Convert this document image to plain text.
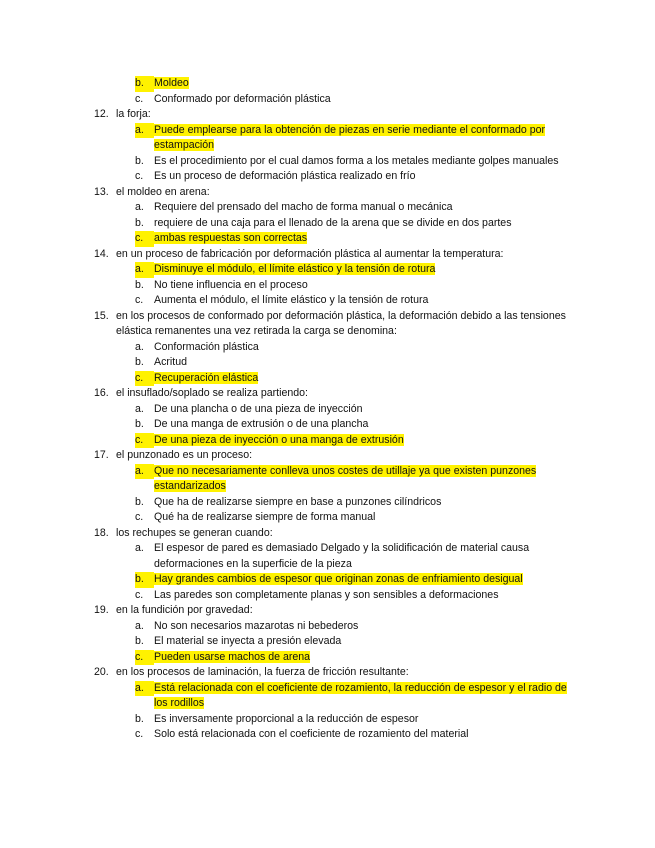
b. Moldeo
c. Conformado por deformación plástica
12. la forja:
a. Puede emplearse para la obtención de piezas en serie mediante el conformado por
estampación
b. Es el procedimiento por el cual damos forma a los metales mediante golpes manuales
c. Es un proceso de deformación plástica realizado en frío
13. el moldeo en arena:
a. Requiere del prensado del macho de forma manual o mecánica
b. requiere de una caja para el llenado de la arena que se divide en dos partes
c. ambas respuestas son correctas
14. en un proceso de fabricación por deformación plástica al aumentar la temperatura:
a. Disminuye el módulo, el límite elástico y la tensión de rotura
b. No tiene influencia en el proceso
c. Aumenta el módulo, el límite elástico y la tensión de rotura
15. en los procesos de conformado por deformación plástica, la deformación debido a las tensiones
elástica remanentes una vez retirada la carga se denomina:
a. Conformación plástica
b. Acritud
c. Recuperación elástica
16. el insuflado/soplado se realiza partiendo:
a. De una plancha o de una pieza de inyección
b. De una manga de extrusión o de una plancha
c. De una pieza de inyección o una manga de extrusión
17. el punzonado es un proceso:
a. Que no necesariamente conlleva unos costes de utillaje ya que existen punzones
estandarizados
b. Que ha de realizarse siempre en base a punzones cilíndricos
c. Qué ha de realizarse siempre de forma manual
18. los rechupes se generan cuando:
a. El espesor de pared es demasiado Delgado y la solidificación de material causa
deformaciones en la superficie de la pieza
b. Hay grandes cambios de espesor que originan zonas de enfriamiento desigual
c. Las paredes son completamente planas y son sensibles a deformaciones
19. en la fundición por gravedad:
a. No son necesarios mazarotas ni bebederos
b. El material se inyecta a presión elevada
c. Pueden usarse machos de arena
20. en los procesos de laminación, la fuerza de fricción resultante:
a. Está relacionada con el coeficiente de rozamiento, la reducción de espesor y el radio de
los rodillos
b. Es inversamente proporcional a la reducción de espesor
c. Solo está relacionada con el coeficiente de rozamiento del material
